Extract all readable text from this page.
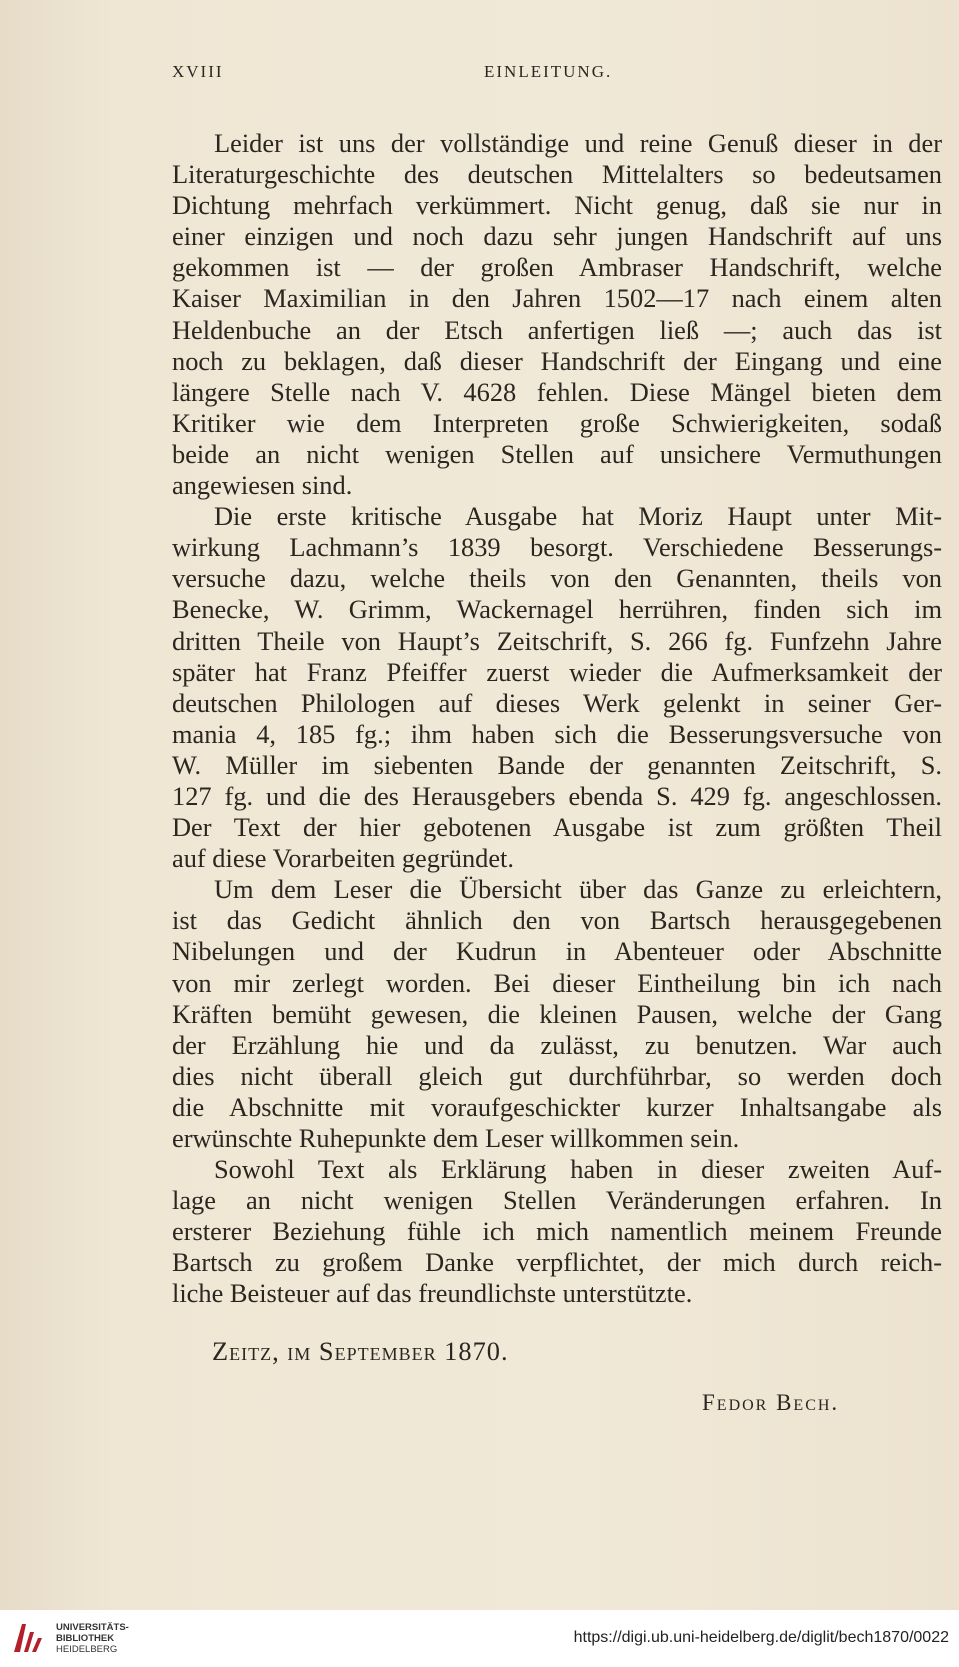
XVIII	EINLEITUNG.

Leider ist uns der vollständige und reine Genuß dieser in der
Literaturgeschichte des deutschen Mittelalters so bedeutsamen
Dichtung mehrfach verkümmert. Nicht genug, daß sie nur in
einer einzigen und noch dazu sehr jungen Handschrift auf uns
gekommen ist — der großen Ambraser Handschrift, welche
Kaiser Maximilian in den Jahren 1502—17 nach einem alten
Heldenbuche an der Etsch anfertigen ließ —; auch das ist
noch zu beklagen, daß dieser Handschrift der Eingang und eine
längere Stelle nach V. 4628 fehlen. Diese Mängel bieten dem
Kritiker wie dem Interpreten große Schwierigkeiten, sodaß
beide an nicht wenigen Stellen auf unsichere Vermuthungen
angewiesen sind.

Die erste kritische Ausgabe hat Moriz Haupt unter Mit-
wirkung Lachmann’s 1839 besorgt. Verschiedene Besserungs-
versuche dazu, welche theils von den Genannten, theils von
Benecke, W. Grimm, Wackernagel herrühren, finden sich im
dritten Theile von Haupt’s Zeitschrift, S. 266 fg. Funfzehn Jahre
später hat Franz Pfeiffer zuerst wieder die Aufmerksamkeit der
deutschen Philologen auf dieses Werk gelenkt in seiner Ger-
mania 4, 185 fg.; ihm haben sich die Besserungsversuche von
W. Müller im siebenten Bande der genannten Zeitschrift, S.
127 fg. und die des Herausgebers ebenda S. 429 fg. angeschlossen.
Der Text der hier gebotenen Ausgabe ist zum größten Theil
auf diese Vorarbeiten gegründet.

Um dem Leser die Übersicht über das Ganze zu erleichtern,
ist das Gedicht ähnlich den von Bartsch herausgegebenen
Nibelungen und der Kudrun in Abenteuer oder Abschnitte
von mir zerlegt worden. Bei dieser Eintheilung bin ich nach
Kräften bemüht gewesen, die kleinen Pausen, welche der Gang
der Erzählung hie und da zulässt, zu benutzen. War auch
dies nicht überall gleich gut durchführbar, so werden doch
die Abschnitte mit voraufgeschickter kurzer Inhaltsangabe als
erwünschte Ruhepunkte dem Leser willkommen sein.

Sowohl Text als Erklärung haben in dieser zweiten Auf-
lage an nicht wenigen Stellen Veränderungen erfahren. In
ersterer Beziehung fühle ich mich namentlich meinem Freunde
Bartsch zu großem Danke verpflichtet, der mich durch reich-
liche Beisteuer auf das freundlichste unterstützte.

Zeitz, im September 1870.
Fedor Bech.
UNIVERSITÄTS-
BIBLIOTHEK
HEIDELBERG
https://digi.ub.uni-heidelberg.de/diglit/bech1870/0022
